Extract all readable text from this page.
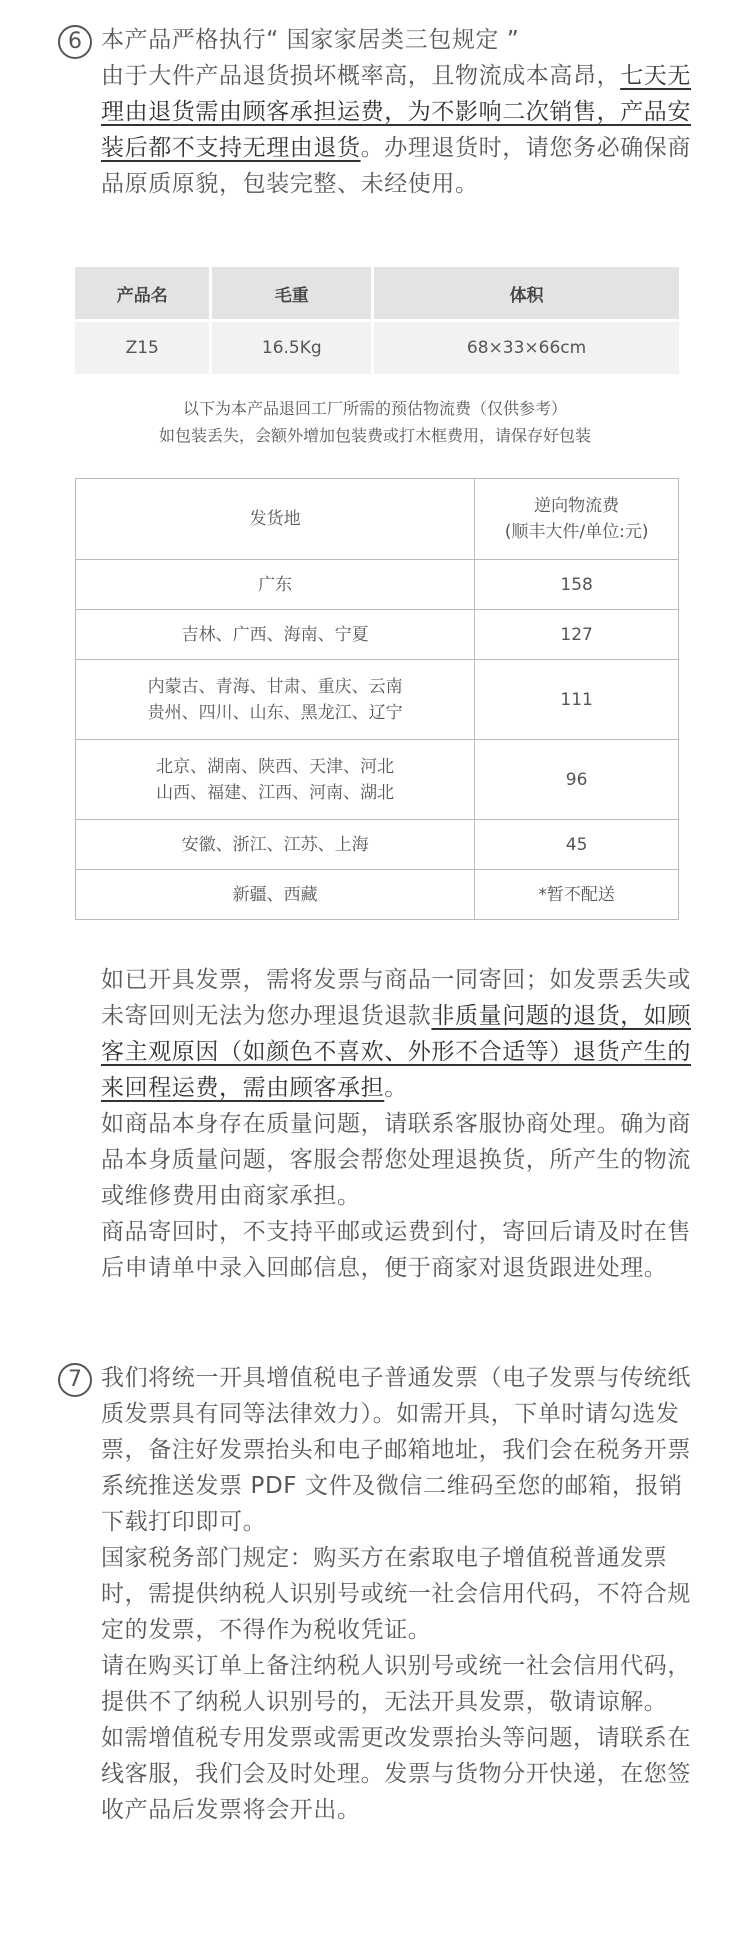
6 本产品严格执行“ 国家家居类三包规定 ”

由于大件产品退货损坏概率高，且物流成本高昂，七天无理由退货需由顾客承担运费，为不影响二次销售，产品安装后都不支持无理由退货。办理退货时，请您务必确保商品原质原貌，包装完整、未经使用。

产品名	毛重	体积
Z15	16.5Kg	68×33×66cm
以下为本产品退回工厂所需的预估物流费（仅供参考）
如包装丢失，会额外增加包装费或打木框费用，请保存好包装
发货地	逆向物流费
(顺丰大件/单位:元)

广东	158
吉林、广西、海南、宁夏	127

内蒙古、青海、甘肃、重庆、云南
贵州、四川、山东、黑龙江、辽宁	111

北京、湖南、陕西、天津、河北
山西、福建、江西、河南、湖北	96
安徽、浙江、江苏、上海	45
新疆、西藏	*暂不配送

如已开具发票，需将发票与商品一同寄回；如发票丢失或未寄回则无法为您办理退货退款非质量问题的退货，如顾客主观原因（如颜色不喜欢、外形不合适等）退货产生的来回程运费，需由顾客承担。

如商品本身存在质量问题，请联系客服协商处理。确为商品本身质量问题，客服会帮您处理退换货，所产生的物流或维修费用由商家承担。

商品寄回时，不支持平邮或运费到付，寄回后请及时在售后申请单中录入回邮信息，便于商家对退货跟进处理。

7 我们将统一开具增值税电子普通发票（电子发票与传统纸质发票具有同等法律效力）。如需开具，下单时请勾选发票，备注好发票抬头和电子邮箱地址，我们会在税务开票系统推送发票 PDF 文件及微信二维码至您的邮箱，报销下载打印即可。

国家税务部门规定：购买方在索取电子增值税普通发票时，需提供纳税人识别号或统一社会信用代码，不符合规定的发票，不得作为税收凭证。

请在购买订单上备注纳税人识别号或统一社会信用代码，提供不了纳税人识别号的，无法开具发票，敬请谅解。

如需增值税专用发票或需更改发票抬头等问题，请联系在线客服，我们会及时处理。发票与货物分开快递，在您签收产品后发票将会开出。
